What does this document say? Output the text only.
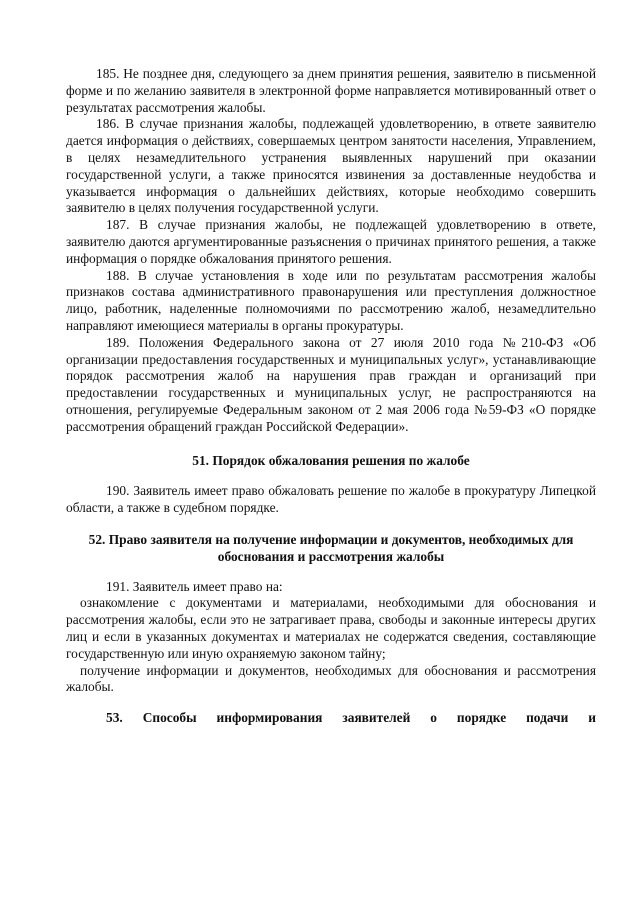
185. Не позднее дня, следующего за днем принятия решения, заявителю в письменной форме и по желанию заявителя в электронной форме направляется мотивированный ответ о результатах рассмотрения жалобы.

186. В случае признания жалобы, подлежащей удовлетворению, в ответе заявителю дается информация о действиях, совершаемых центром занятости населения, Управлением, в целях незамедлительного устранения выявленных нарушений при оказании государственной услуги, а также приносятся извинения за доставленные неудобства и указывается информация о дальнейших действиях, которые необходимо совершить заявителю в целях получения государственной услуги.

187. В случае признания жалобы, не подлежащей удовлетворению в ответе, заявителю даются аргументированные разъяснения о причинах принятого решения, а также информация о порядке обжалования принятого решения.

188. В случае установления в ходе или по результатам рассмотрения жалобы признаков состава административного правонарушения или преступления должностное лицо, работник, наделенные полномочиями по рассмотрению жалоб, незамедлительно направляют имеющиеся материалы в органы прокуратуры.

189. Положения Федерального закона от 27 июля 2010 года №210-ФЗ «Об организации предоставления государственных и муниципальных услуг», устанавливающие порядок рассмотрения жалоб на нарушения прав граждан и организаций при предоставлении государственных и муниципальных услуг, не распространяются на отношения, регулируемые Федеральным законом от 2 мая 2006 года №59-ФЗ «О порядке рассмотрения обращений граждан Российской Федерации».

51. Порядок обжалования решения по жалобе

190. Заявитель имеет право обжаловать решение по жалобе в прокуратуру Липецкой области, а также в судебном порядке.

52. Право заявителя на получение информации и документов, необходимых для обоснования и рассмотрения жалобы

191. Заявитель имеет право на:

ознакомление с документами и материалами, необходимыми для обоснования и рассмотрения жалобы, если это не затрагивает права, свободы и законные интересы других лиц и если в указанных документах и материалах не содержатся сведения, составляющие государственную или иную охраняемую законом тайну;

получение информации и документов, необходимых для обоснования и рассмотрения жалобы.

53. Способы информирования заявителей о порядке подачи и
